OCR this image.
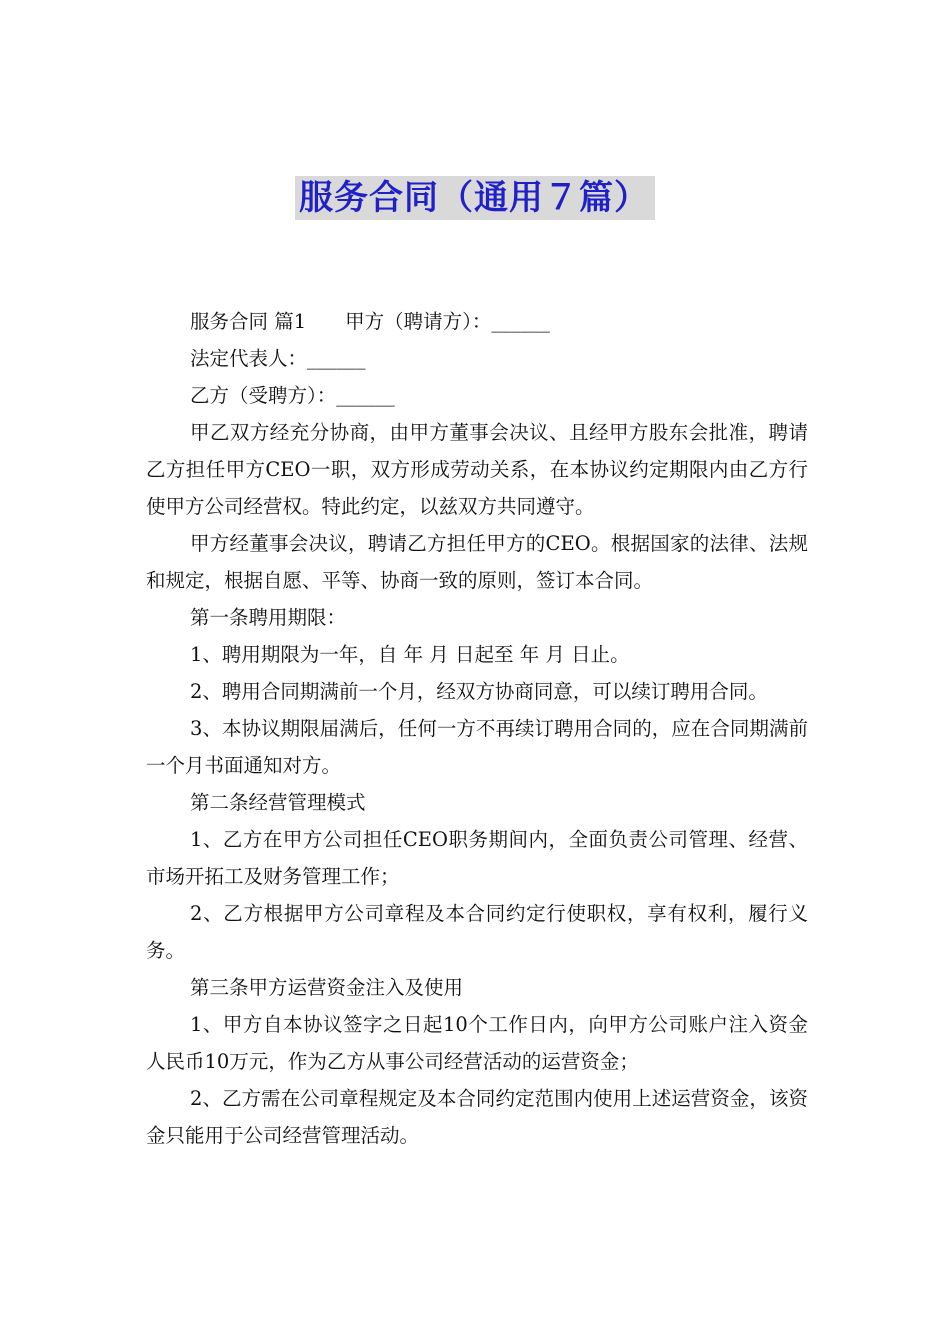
服务合同（通用７篇）

服务合同 篇1　　甲方（聘请方）：______

法定代表人：______

乙方（受聘方）：______

甲乙双方经充分协商，由甲方董事会决议、且经甲方股东会批准，聘请乙方担任甲方CEO一职，双方形成劳动关系，在本协议约定期限内由乙方行使甲方公司经营权。特此约定，以兹双方共同遵守。

甲方经董事会决议，聘请乙方担任甲方的CEO。根据国家的法律、法规和规定，根据自愿、平等、协商一致的原则，签订本合同。

第一条聘用期限：

1、聘用期限为一年，自 年 月 日起至 年 月 日止。

2、聘用合同期满前一个月，经双方协商同意，可以续订聘用合同。

3、本协议期限届满后，任何一方不再续订聘用合同的，应在合同期满前一个月书面通知对方。

第二条经营管理模式

1、乙方在甲方公司担任CEO职务期间内，全面负责公司管理、经营、市场开拓工及财务管理工作；

2、乙方根据甲方公司章程及本合同约定行使职权，享有权利，履行义务。

第三条甲方运营资金注入及使用

1、甲方自本协议签字之日起10个工作日内，向甲方公司账户注入资金人民币10万元，作为乙方从事公司经营活动的运营资金；

2、乙方需在公司章程规定及本合同约定范围内使用上述运营资金，该资金只能用于公司经营管理活动。
